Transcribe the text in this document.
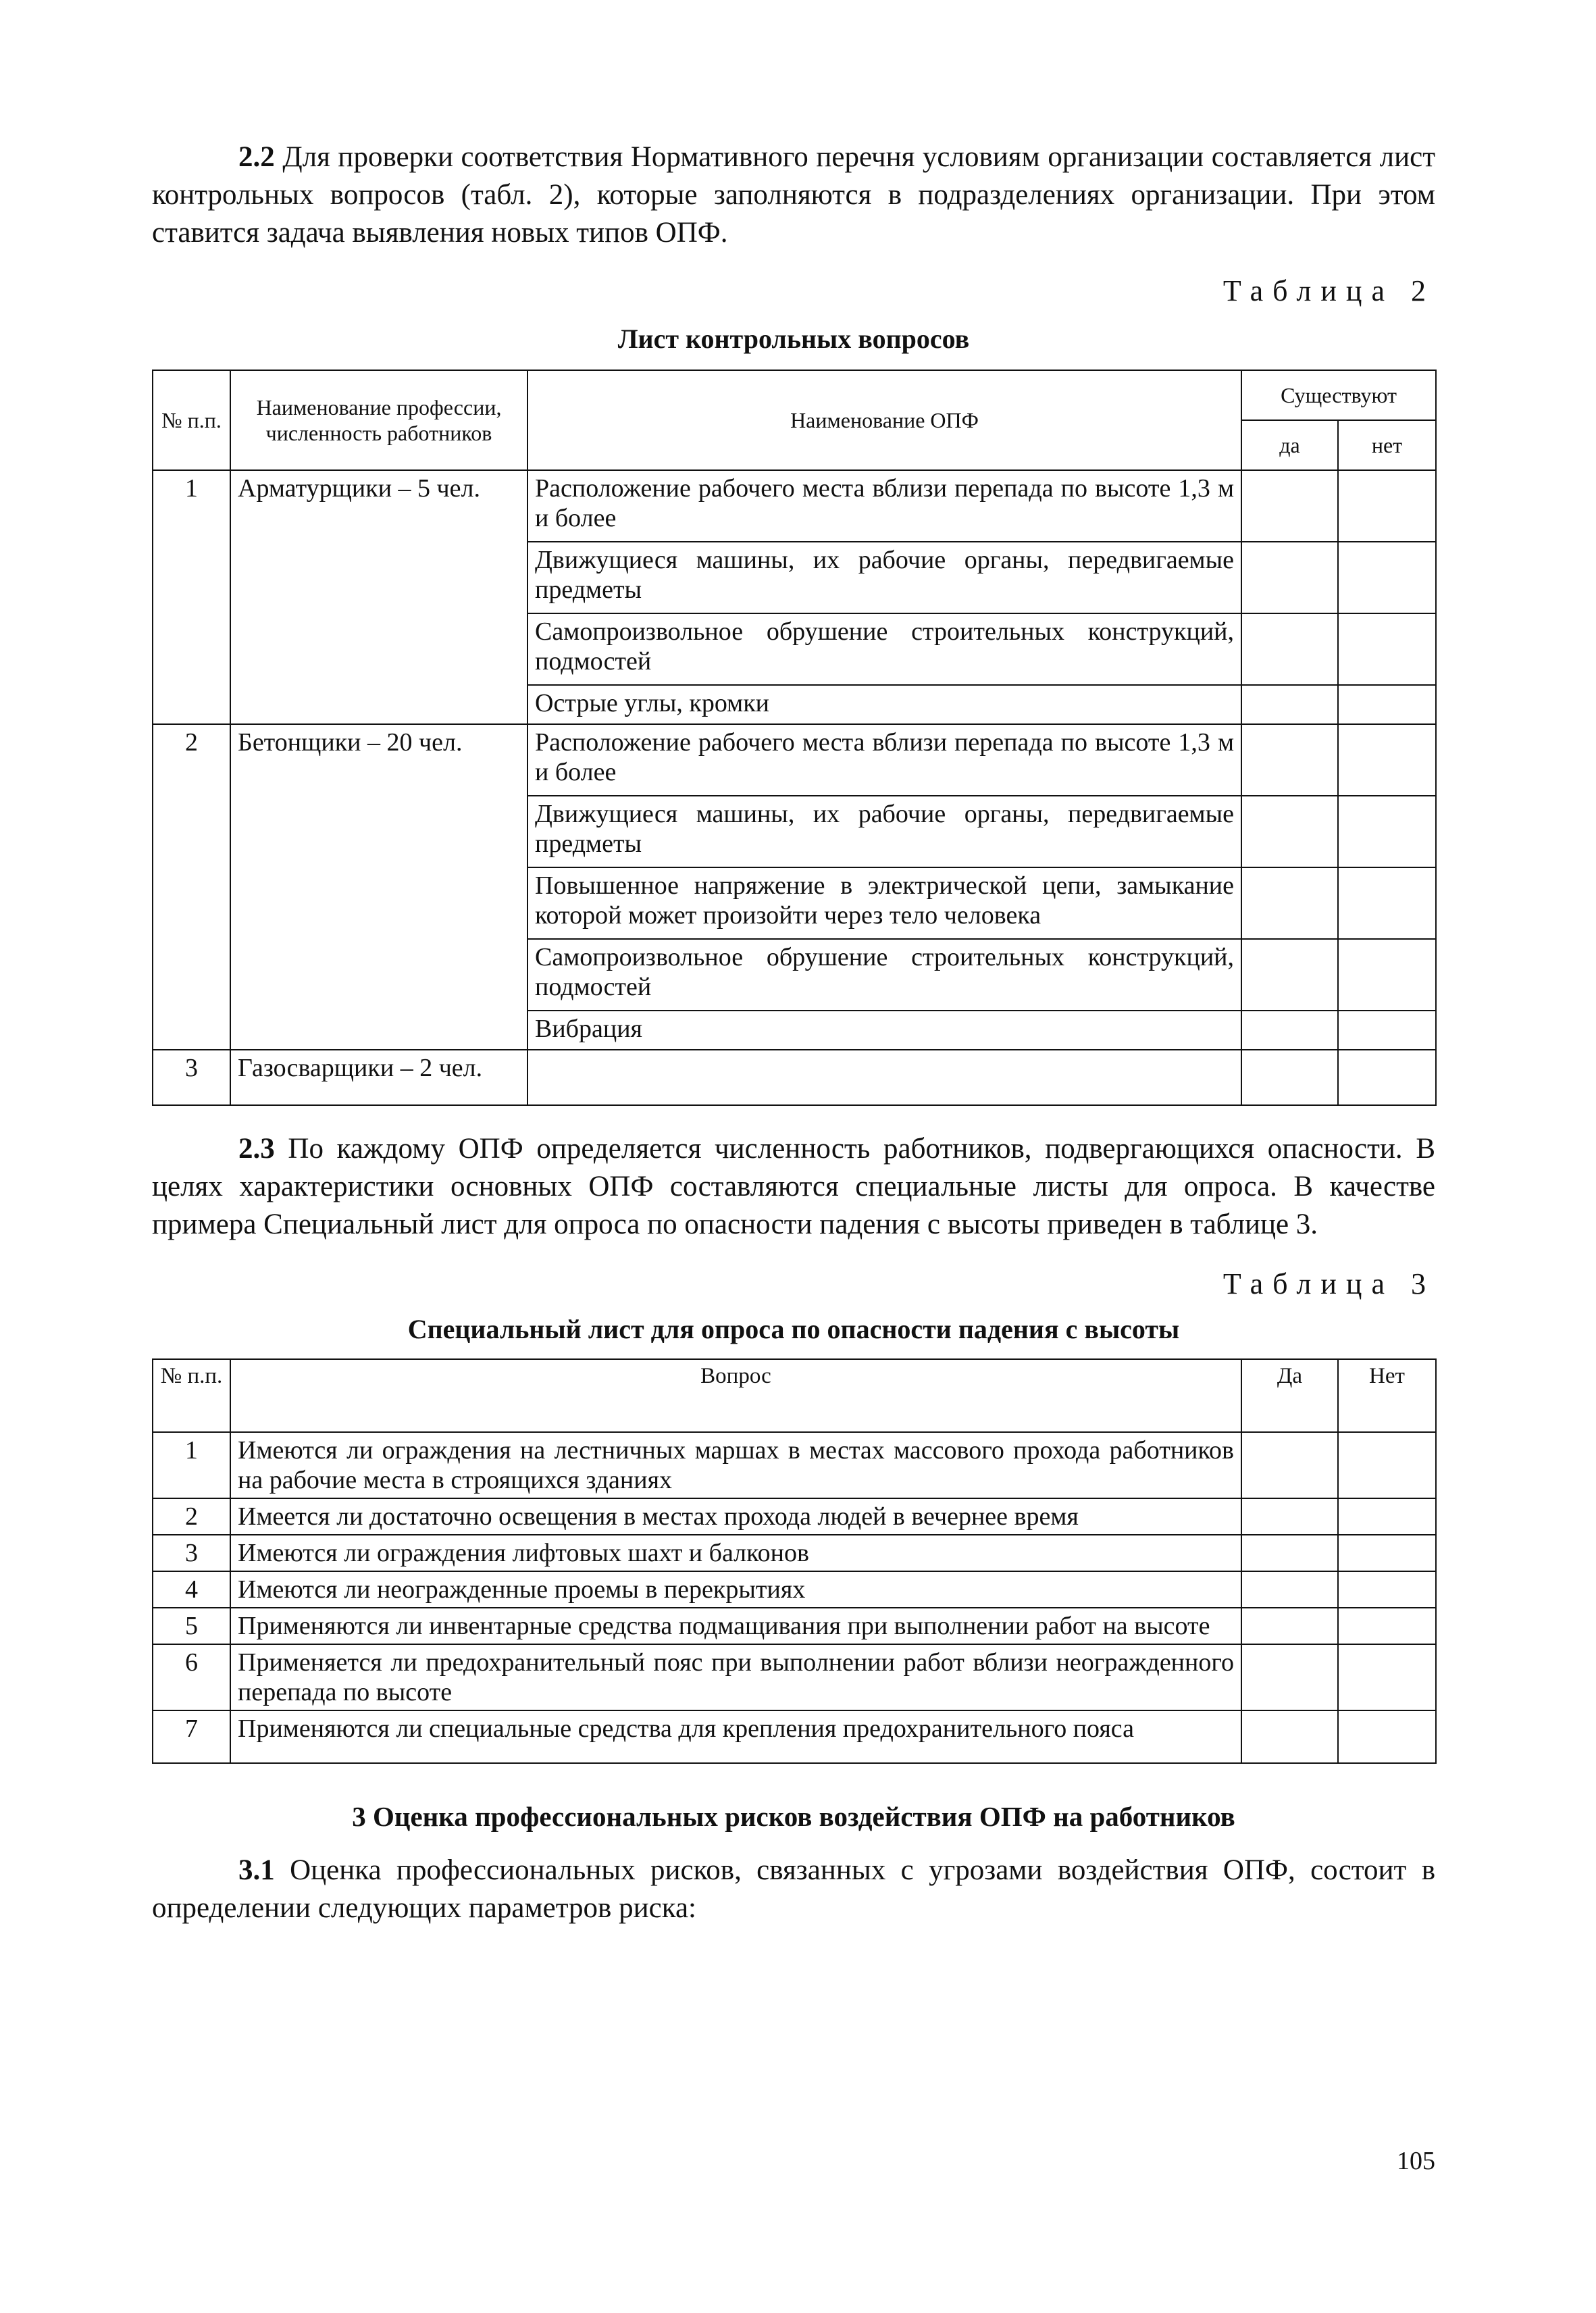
2.2 Для проверки соответствия Нормативного перечня условиям организации составляется лист контрольных вопросов (табл. 2), которые заполняются в подразделениях организации. При этом ставится задача выявления новых типов ОПФ.

Таблица 2

Лист контрольных вопросов

№ п.п.	Наименование профессии, численность работников	Наименование ОПФ	Существуют	
			да	нет
1	Арматурщики – 5 чел.	Расположение рабочего места вблизи перепада по высоте 1,3 м и более		
		Движущиеся машины, их рабочие органы, передвигаемые предметы		
		Самопроизвольное обрушение строительных конструкций, подмостей		
		Острые углы, кромки		
2	Бетонщики – 20 чел.	Расположение рабочего места вблизи перепада по высоте 1,3 м и более		
		Движущиеся машины, их рабочие органы, передвигаемые предметы		
		Повышенное напряжение в электрической цепи, замыкание которой может произойти через тело человека		
		Самопроизвольное обрушение строительных конструкций, подмостей		
		Вибрация		
3	Газосварщики – 2 чел.			

2.3 По каждому ОПФ определяется численность работников, подвергающихся опасности. В целях характеристики основных ОПФ составляются специальные листы для опроса. В качестве примера Специальный лист для опроса по опасности падения с высоты приведен в таблице 3.

Таблица 3

Специальный лист для опроса по опасности падения с высоты

№ п.п.	Вопрос	Да	Нет
1	Имеются ли ограждения на лестничных маршах в местах массового прохода работников на рабочие места в строящихся зданиях		
2	Имеется ли достаточно освещения в местах прохода людей в вечернее время		
3	Имеются ли ограждения лифтовых шахт и балконов		
4	Имеются ли неогражденные проемы в перекрытиях		
5	Применяются ли инвентарные средства подмащивания при выполнении работ на высоте		
6	Применяется ли предохранительный пояс при выполнении работ вблизи неогражденного перепада по высоте		
7	Применяются ли специальные средства для крепления предохранительного пояса		

3 Оценка профессиональных рисков воздействия ОПФ на работников

3.1 Оценка профессиональных рисков, связанных с угрозами воздействия ОПФ, состоит в определении следующих параметров риска:

105
